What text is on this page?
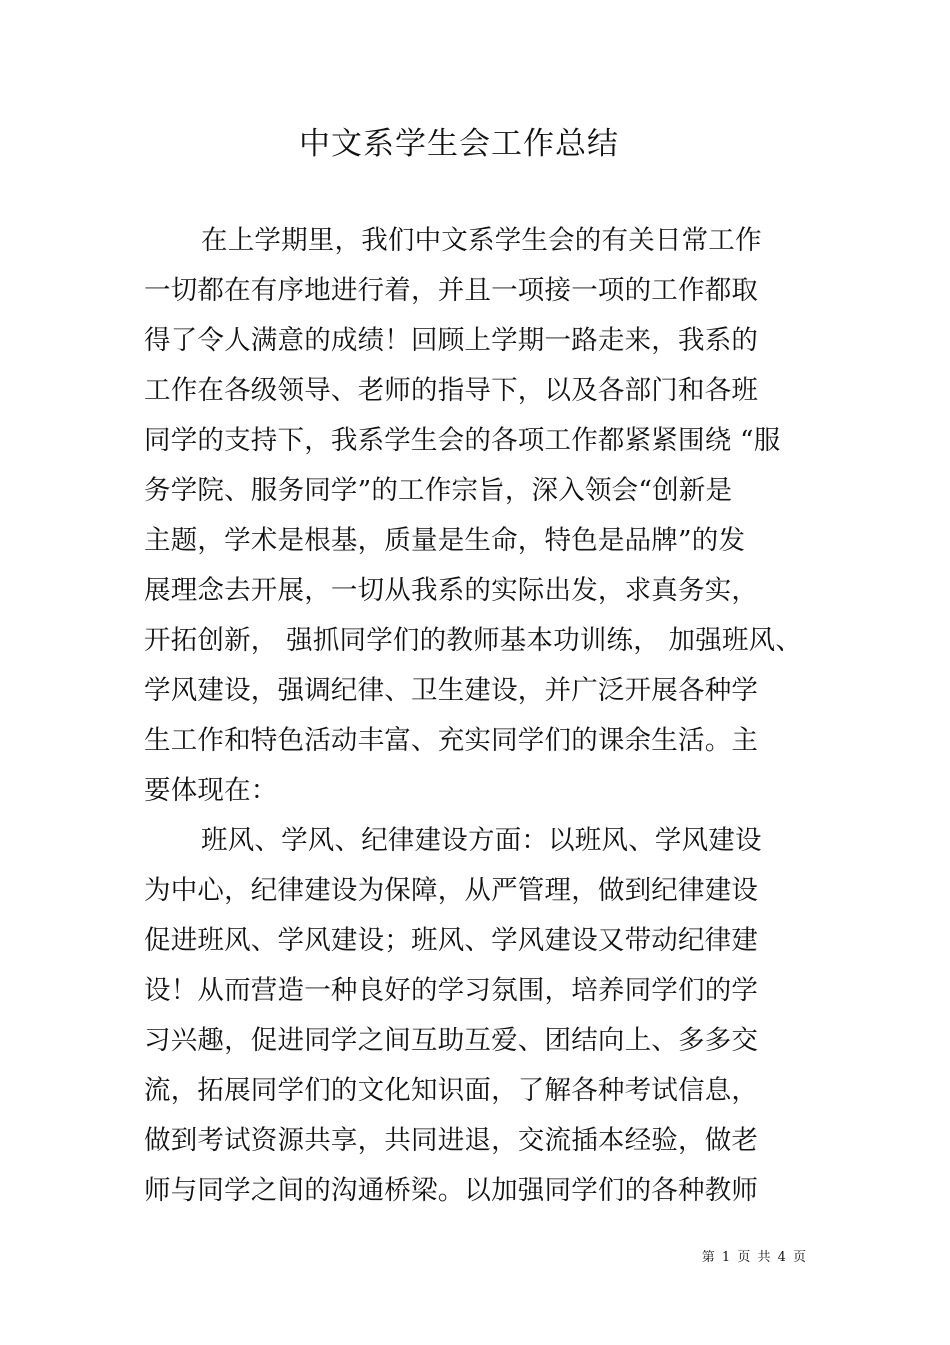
中文系学生会工作总结
在上学期里，我们中文系学生会的有关日常工作
一切都在有序地进行着，并且一项接一项的工作都取
得了令人满意的成绩！回顾上学期一路走来，我系的
工作在各级领导、老师的指导下，以及各部门和各班
同学的支持下，我系学生会的各项工作都紧紧围绕 “服
务学院、服务同学”的工作宗旨，深入领会“创新是
主题，学术是根基，质量是生命，特色是品牌”的发
展理念去开展，一切从我系的实际出发，求真务实，
开拓创新， 强抓同学们的教师基本功训练， 加强班风、
学风建设，强调纪律、卫生建设，并广泛开展各种学
生工作和特色活动丰富、充实同学们的课余生活。主
要体现在：
班风、学风、纪律建设方面：以班风、学风建设
为中心，纪律建设为保障，从严管理，做到纪律建设
促进班风、学风建设；班风、学风建设又带动纪律建
设！从而营造一种良好的学习氛围，培养同学们的学
习兴趣，促进同学之间互助互爱、团结向上、多多交
流，拓展同学们的文化知识面，了解各种考试信息，
做到考试资源共享，共同进退，交流插本经验，做老
师与同学之间的沟通桥梁。以加强同学们的各种教师
第 1 页 共 4 页
